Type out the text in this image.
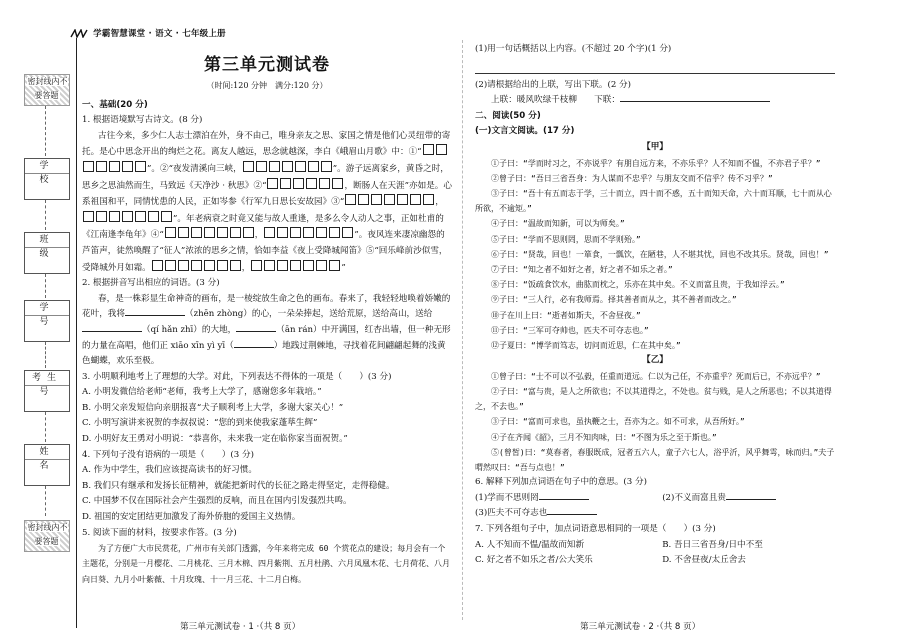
学霸智慧课堂 · 语文 · 七年级上册
密封线内不要答题
学　校
班　级
学　号
考生号
姓　名
密封线内不要答题
第三单元测试卷
（时间:120 分钟　满分:120 分）

一、基础(20 分)

1. 根据语境默写古诗文。(8 分)

古往今来，多少仁人志士漂泊在外，身不由己，唯身亲友之思、家国之情是他们心灵纽带的寄托。是心中思念开出的绚烂之花。离友人越远，思念就越深，李白《峨眉山月歌》中：①“”。②“夜发清溪向三峡，	”。游子远离家乡，黄昏之时，思乡之思油然而生，马致远《天净沙 · 秋思》②“	，断肠人在天涯”亦如是。心系祖国和平，同情忧患的人民，正如岑参《行军九日思长安故园》③“	，”。年老病衰之时竟又能与故人重逢，是多么令人动人之事，正如杜甫的《江南逢李龟年》④“	，	”。夜风连来凄凉幽怨的芦笛声，徒然唤醒了“征人”浓浓的思乡之情，恰如李益《夜上受降城闻笛》⑤“回乐峰前沙似雪，受降城外月如霜。	，	”

2. 根据拼音写出相应的词语。(3 分)

春，是一株彩显生命神奇的画布，是一棱绽放生命之色的画布。春来了，我轻轻地唤着娇嫩的花叶，我将	（zhēn zhòng）的心，一朵朵捧起，送给荒原，送给高山，送给（qí hǎn zhī）的大地，	（ān rán）中开满国，红杏出墙，但一种无形的力量在高唱，他们正 xiāo xīn yì yī（	）地践过荆棘地，寻找着花间翩翩起舞的浅黄色蝴蝶，欢乐至极。

3. 小明顺利地考上了理想的大学。对此，下列表达不得体的一项是（　　）(3 分)

A. 小明发微信给老师“老师，我考上大学了，感谢您多年栽培。”

B. 小明父亲发短信向亲朋报喜“犬子顺利考上大学，多谢大家关心！”

C. 小明写演讲来祝贺的李叔叔说：“您的到来使我家蓬荜生辉”

D. 小明好友王勇对小明说：“恭喜你，未来我一定在临你家当面祝贺。”

4. 下列句子没有语病的一项是（　　）(3 分)

A. 作为中学生，我们应该提高读书的好习惯。

B. 我们只有继承和发扬长征精神，就能把新时代的长征之路走得坚定，走得稳健。

C. 中国梦不仅在国际社会产生强烈的反响，而且在国内引发强烈共鸣。

D. 祖国的安定团结更加激发了海外侨胞的爱国主义热情。

5. 阅读下面的材料，按要求作答。(3 分)

为了方便广大市民赏花，广州市有关部门透露，今年来将完成 60 个赏花点的建设；每月会有一个主题花，分别是一月樱花、二月桃花、三月木棉、四月紫荆、五月杜鹃、六月凤凰木花、七月荷花、八月向日葵、九月小叶紫薇、十月玫瑰、十一月三花、十二月白梅。

第三单元测试卷 · 1 ·（共 8 页）

(1)用一句话概括以上内容。(不超过 20 个字)(1 分)

(2)请根据给出的上联，写出下联。(2 分)

上联：暖风吹绿千枝柳　　 下联：

二、阅读(50 分)

(一)文言文阅读。(17 分)

【甲】

①子曰：“学而时习之，不亦说乎？有朋自远方来，不亦乐乎？人不知而不愠，不亦君子乎？”

②曾子曰：“吾日三省吾身：为人谋而不忠乎？与朋友交而不信乎？传不习乎？”

③子曰：“吾十有五而志于学，三十而立，四十而不惑，五十而知天命，六十而耳顺，七十而从心所欲，不逾矩。”

④子曰：“温故而知新，可以为师矣。”

⑤子曰：“学而不思则罔，思而不学则殆。”

⑥子曰：“贤哉，回也！一箪食，一瓢饮，在陋巷，人不堪其忧，回也不改其乐。贤哉，回也！”

⑦子曰：“知之者不如好之者，好之者不如乐之者。”

⑧子曰：“饭疏食饮水，曲肱而枕之，乐亦在其中矣。不义而富且贵，于我如浮云。”

⑨子曰：“三人行，必有我师焉。择其善者而从之，其不善者而改之。”

⑩子在川上曰：“逝者如斯夫，不舍昼夜。”

⑪子曰：“三军可夺帅也，匹夫不可夺志也。”

⑫子夏曰：“博学而笃志，切问而近思，仁在其中矣。”

【乙】

①曾子曰：“士不可以不弘毅，任重而道远。仁以为己任，不亦重乎？死而后已，不亦远乎？”

②子曰：“富与贵，是人之所欲也；不以其道得之，不处也。贫与贱，是人之所恶也；不以其道得之，不去也。”

③子曰：“富而可求也，虽执鞭之士，吾亦为之。如不可求，从吾所好。”

④子在齐闻《韶》，三月不知肉味，曰：“不图为乐之至于斯也。”

⑤(曾皙)曰：“莫春者，春服既成，冠者五六人，童子六七人，浴乎沂，风乎舞雩，咏而归。”夫子喟然叹曰：“吾与点也！”

6. 解释下列加点词语在句子中的意思。(3 分)

(1)学而不思则罔	(2)不义而富且贵

(3)匹夫不可夺志也

7. 下列各组句子中，加点词语意思相同的一项是（　　）(3 分)

A. 人不知而不愠/温故而知新	B. 吾日三省吾身/日中不至
C. 好之者不如乐之者/公大笑乐	D. 不舍昼夜/太丘舍去
第三单元测试卷 · 2 ·（共 8 页）
